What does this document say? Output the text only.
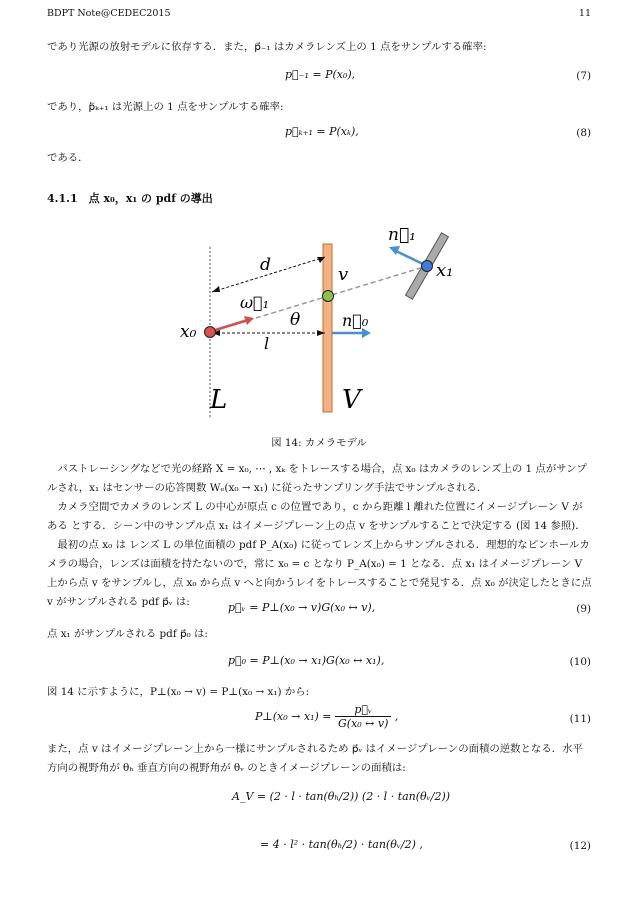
BDPT Note@CEDEC2015	11
であり光源の放射モデルに依存する．また，p⃗₋₁ はカメラレンズ上の 1 点をサンプルする確率:
p⃗₋₁ = P(x₀),	(7)
であり，p⃖ₖ₊₁ は光源上の 1 点をサンプルする確率:
p⃖ₖ₊₁ = P(xₖ),	(8)
である．
4.1.1　点 x₀，x₁ の pdf の導出
n⃗₁
x₁
d	v
ω⃗₁
θ	n⃗₀
x₀
l
L	V
図 14: カメラモデル
パストレーシングなどで光の経路 X = x₀, ⋯ , xₖ をトレースする場合，点 x₀ はカメラのレンズ上の 1 点がサンプルされ，x₁ はセンサーの応答関数 Wₑ(x₀ → x₁) に従ったサンプリング手法でサンプルされる．
カメラ空間でカメラのレンズ L の中心が原点 c の位置であり，c から距離 l 離れた位置にイメージプレーン V がある とする．シーン中のサンプル点 x₁ はイメージプレーン上の点 v をサンプルすることで決定する (図 14 参照)．
最初の点 x₀ は レンズ L の単位面積の pdf P_A(x₀) に従ってレンズ上からサンプルされる．理想的なピンホールカメラの場合，レンズは面積を持たないので，常に x₀ = c となり P_A(x₀) = 1 となる．点 x₁ はイメージプレーン V 上から点 v をサンプルし，点 x₀ から点 v へと向かうレイをトレースすることで発見する．点 x₀ が決定したときに点 v がサンプルされる pdf p⃗ᵥ は:	p⃗ᵥ = P⊥(x₀ → v)G(x₀ ↔ v),	(9)
点 x₁ がサンプルされる pdf p⃗₀ は:
p⃗₀ = P⊥(x₀ → x₁)G(x₀ ↔ x₁),	(10)
図 14 に示すように，P⊥(x₀ → v) = P⊥(x₀ → x₁) から:
P⊥(x₀ → $x_1) = \frac{\text{p⃗ᵥ}}{\text{G(x₀ ↔ v)}}$ ,	(11)
また，点 v はイメージプレーン上から一様にサンプルされるため p⃗ᵥ はイメージプレーンの面積の逆数となる．水平方向の視野角が θₕ 垂直方向の視野角が θᵥ のときイメージプレーンの面積は:
A_V = (2 · l · tan(θₕ/2)) (2 · l · tan(θᵥ/2))
= 4 · l² · tan(θₕ/2) · tan(θᵥ/2) ,	(12)
